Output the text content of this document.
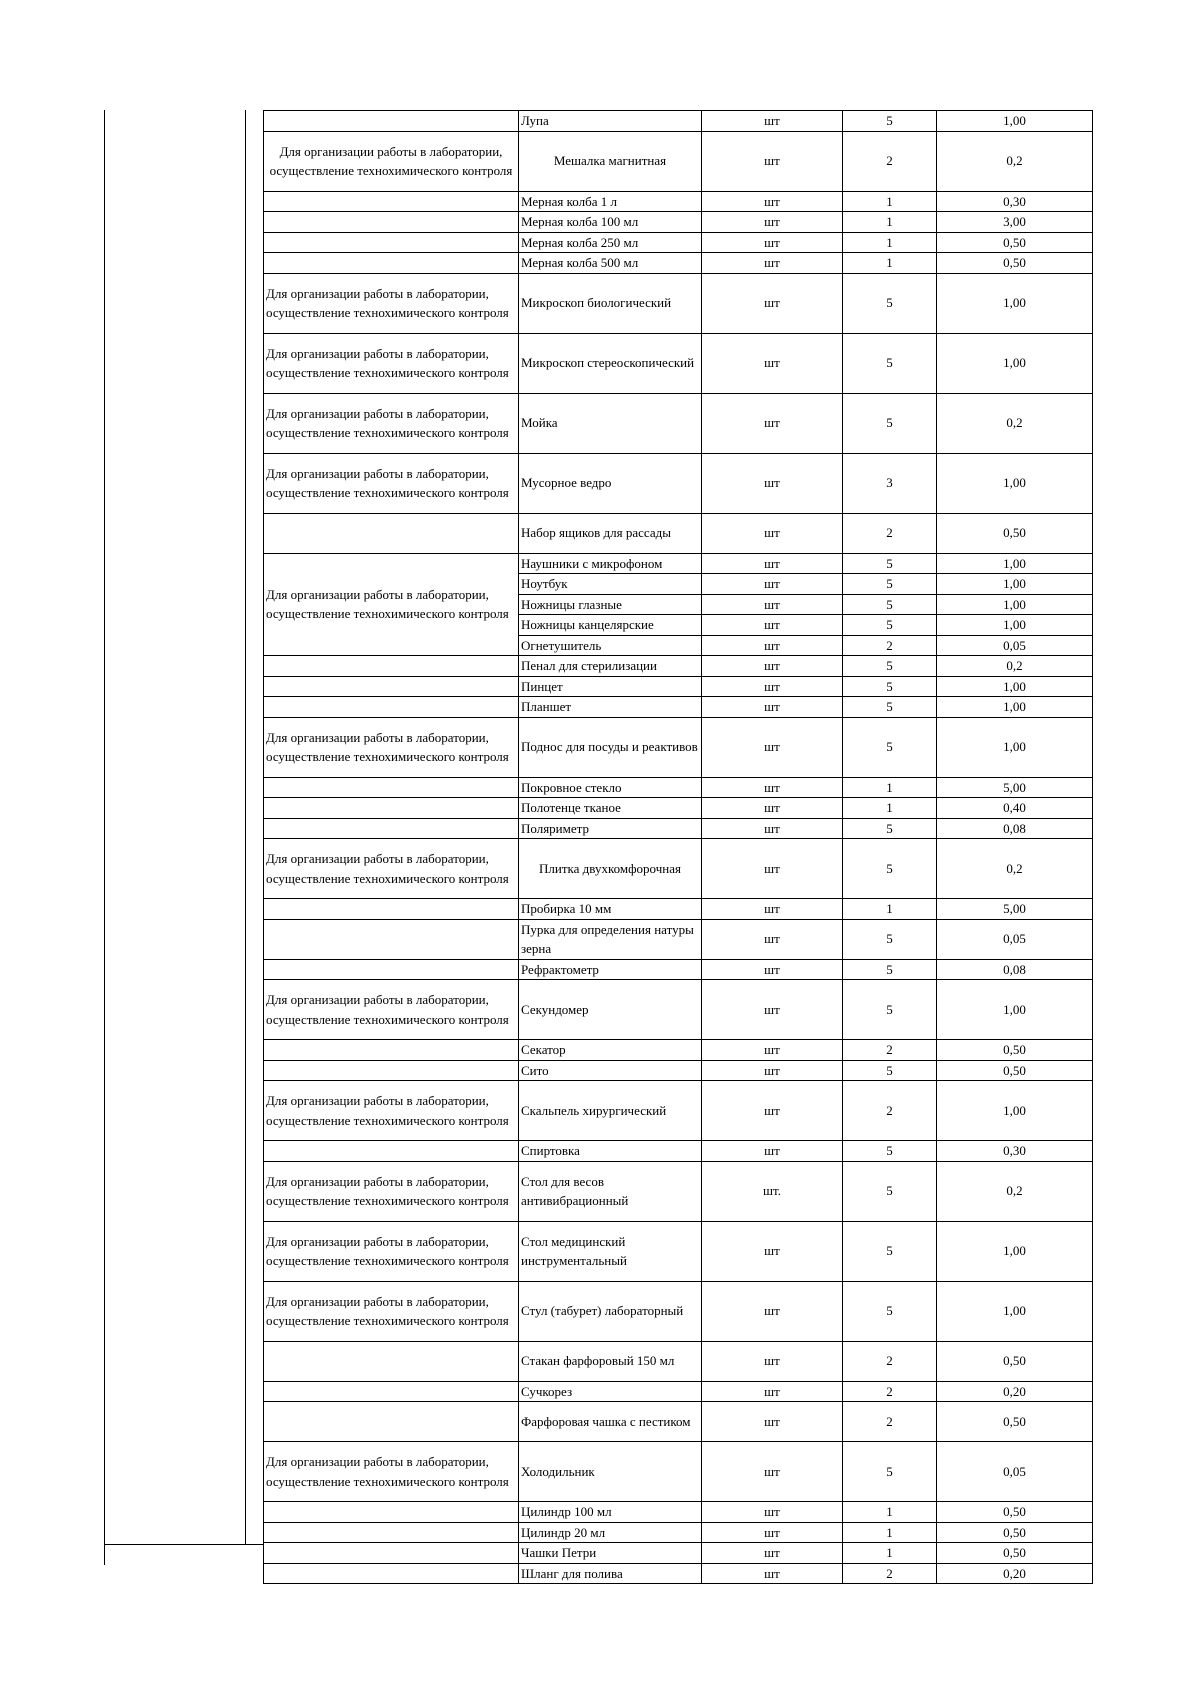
	Лупа	шт	5	1,00
Для организации работы в лаборатории, осуществление технохимического контроля	Мешалка магнитная	шт	2	0,2
	Мерная колба 1 л	шт	1	0,30
	Мерная колба 100 мл	шт	1	3,00
	Мерная колба 250 мл	шт	1	0,50
	Мерная колба 500 мл	шт	1	0,50
Для организации работы в лаборатории, осуществление технохимического контроля	Микроскоп биологический	шт	5	1,00
Для организации работы в лаборатории, осуществление технохимического контроля	Микроскоп стереоскопический	шт	5	1,00
Для организации работы в лаборатории, осуществление технохимического контроля	Мойка	шт	5	0,2
Для организации работы в лаборатории, осуществление технохимического контроля	Мусорное ведро	шт	3	1,00
	Набор ящиков для рассады	шт	2	0,50
Для организации работы в лаборатории, осуществление технохимического контроля	Наушники с микрофоном	шт	5	1,00
	Ноутбук	шт	5	1,00
	Ножницы глазные	шт	5	1,00
	Ножницы канцелярские	шт	5	1,00
	Огнетушитель	шт	2	0,05
	Пенал для стерилизации	шт	5	0,2
	Пинцет	шт	5	1,00
	Планшет	шт	5	1,00
Для организации работы в лаборатории, осуществление технохимического контроля	Поднос для посуды и реактивов	шт	5	1,00
	Покровное стекло	шт	1	5,00
	Полотенце тканое	шт	1	0,40
	Поляриметр	шт	5	0,08
Для организации работы в лаборатории, осуществление технохимического контроля	Плитка двухкомфорочная	шт	5	0,2
	Пробирка 10 мм	шт	1	5,00
	Пурка для определения натуры зерна	шт	5	0,05
	Рефрактометр	шт	5	0,08
Для организации работы в лаборатории, осуществление технохимического контроля	Секундомер	шт	5	1,00
	Секатор	шт	2	0,50
	Сито	шт	5	0,50
Для организации работы в лаборатории, осуществление технохимического контроля	Скальпель хирургический	шт	2	1,00
	Спиртовка	шт	5	0,30
Для организации работы в лаборатории, осуществление технохимического контроля	Стол для весов антивибрационный	шт.	5	0,2
Для организации работы в лаборатории, осуществление технохимического контроля	Стол медицинский инструментальный	шт	5	1,00
Для организации работы в лаборатории, осуществление технохимического контроля	Стул (табурет) лабораторный	шт	5	1,00
	Стакан фарфоровый 150 мл	шт	2	0,50
	Сучкорез	шт	2	0,20
	Фарфоровая чашка с пестиком	шт	2	0,50
Для организации работы в лаборатории, осуществление технохимического контроля	Холодильник	шт	5	0,05
	Цилиндр 100 мл	шт	1	0,50
	Цилиндр 20 мл	шт	1	0,50
	Чашки Петри	шт	1	0,50
	Шланг для полива	шт	2	0,20
